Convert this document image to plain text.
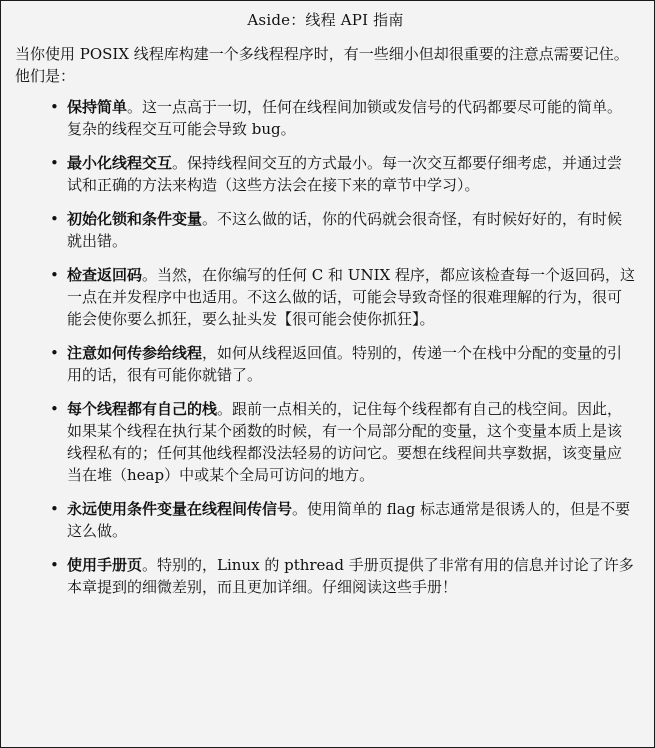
Aside：线程 API 指南

当你使用 POSIX 线程库构建一个多线程程序时，有一些细小但却很重要的注意点需要记住。他们是：

• 保持简单。这一点高于一切，任何在线程间加锁或发信号的代码都要尽可能的简单。复杂的线程交互可能会导致 bug。
• 最小化线程交互。保持线程间交互的方式最小。每一次交互都要仔细考虑，并通过尝试和正确的方法来构造（这些方法会在接下来的章节中学习）。
• 初始化锁和条件变量。不这么做的话，你的代码就会很奇怪，有时候好好的，有时候就出错。
• 检查返回码。当然，在你编写的任何 C 和 UNIX 程序，都应该检查每一个返回码，这一点在并发程序中也适用。不这么做的话，可能会导致奇怪的很难理解的行为，很可能会使你要么抓狂，要么扯头发【很可能会使你抓狂】。
• 注意如何传参给线程，如何从线程返回值。特别的，传递一个在栈中分配的变量的引用的话，很有可能你就错了。
• 每个线程都有自己的栈。跟前一点相关的，记住每个线程都有自己的栈空间。因此，如果某个线程在执行某个函数的时候，有一个局部分配的变量，这个变量本质上是该线程私有的；任何其他线程都没法轻易的访问它。要想在线程间共享数据，该变量应当在堆（heap）中或某个全局可访问的地方。
• 永远使用条件变量在线程间传信号。使用简单的 flag 标志通常是很诱人的，但是不要这么做。
• 使用手册页。特别的，Linux 的 pthread 手册页提供了非常有用的信息并讨论了许多本章提到的细微差别，而且更加详细。仔细阅读这些手册！
